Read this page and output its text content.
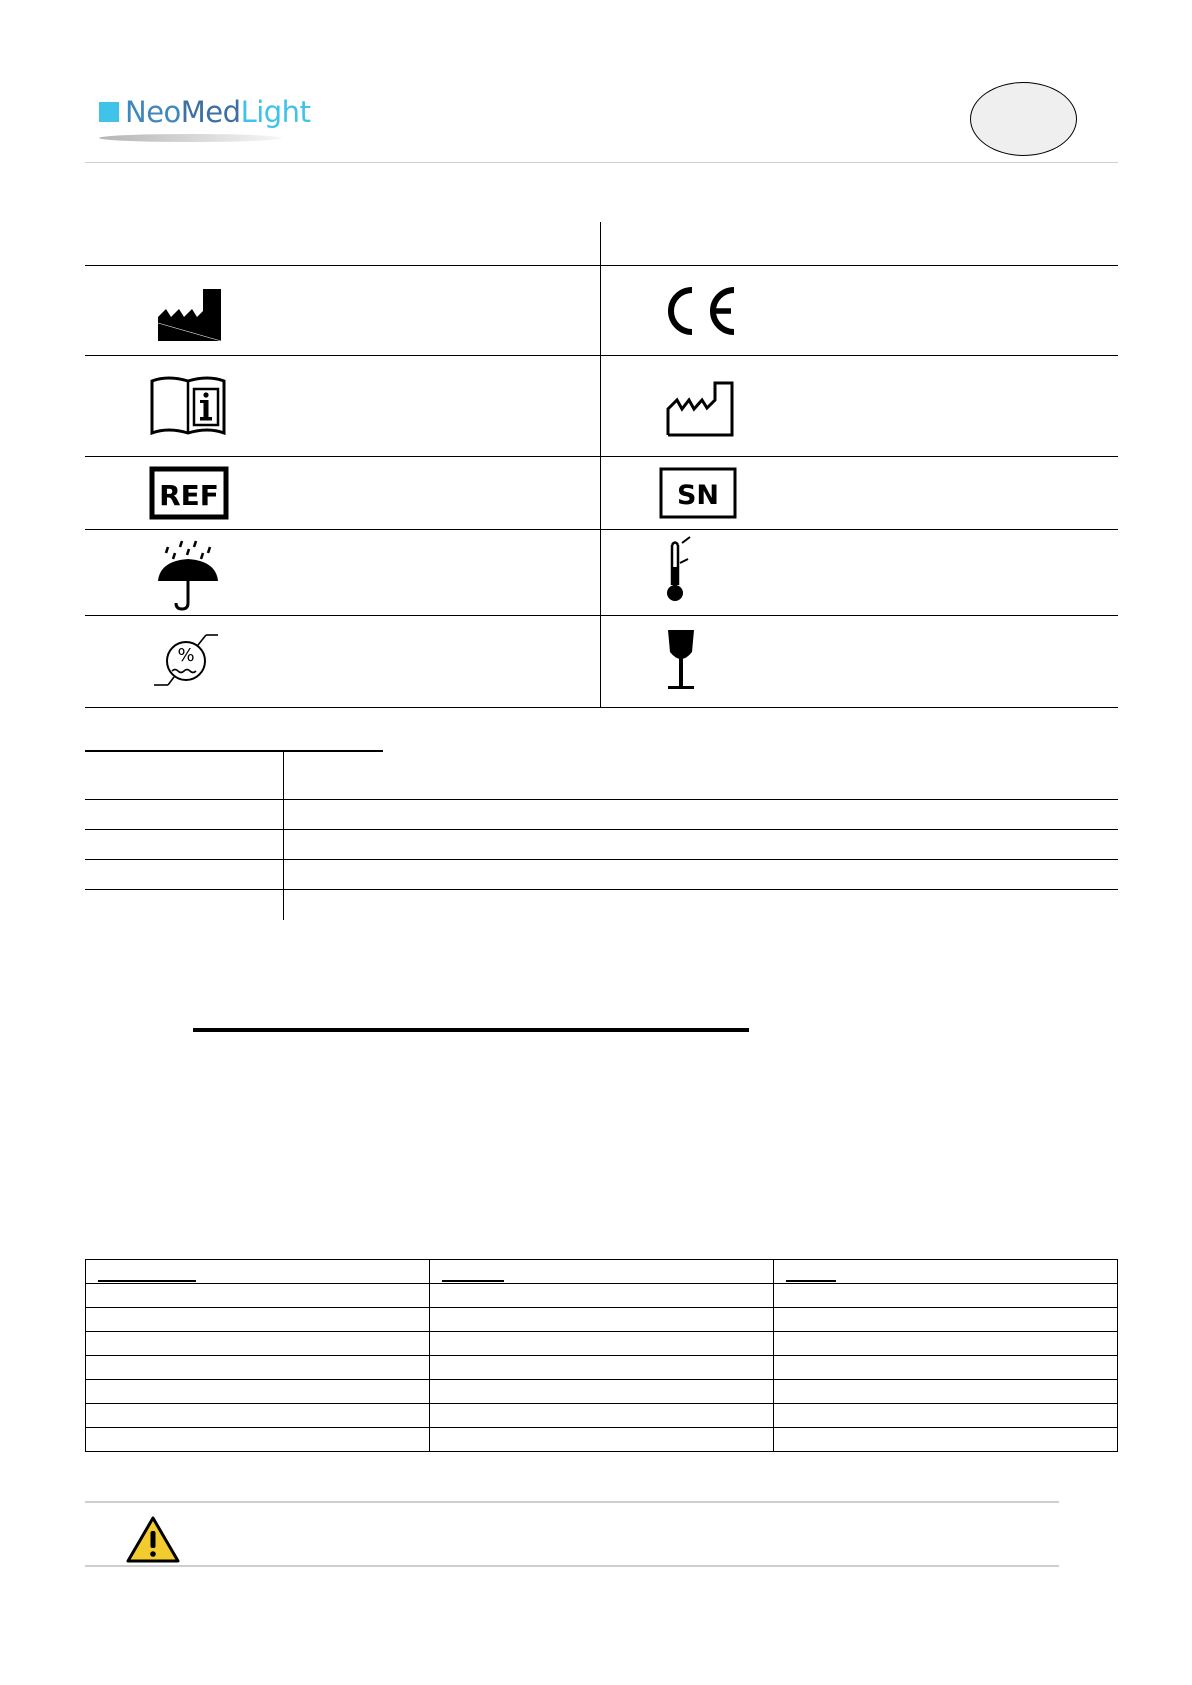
NeoMedLight
REF	SN
%
